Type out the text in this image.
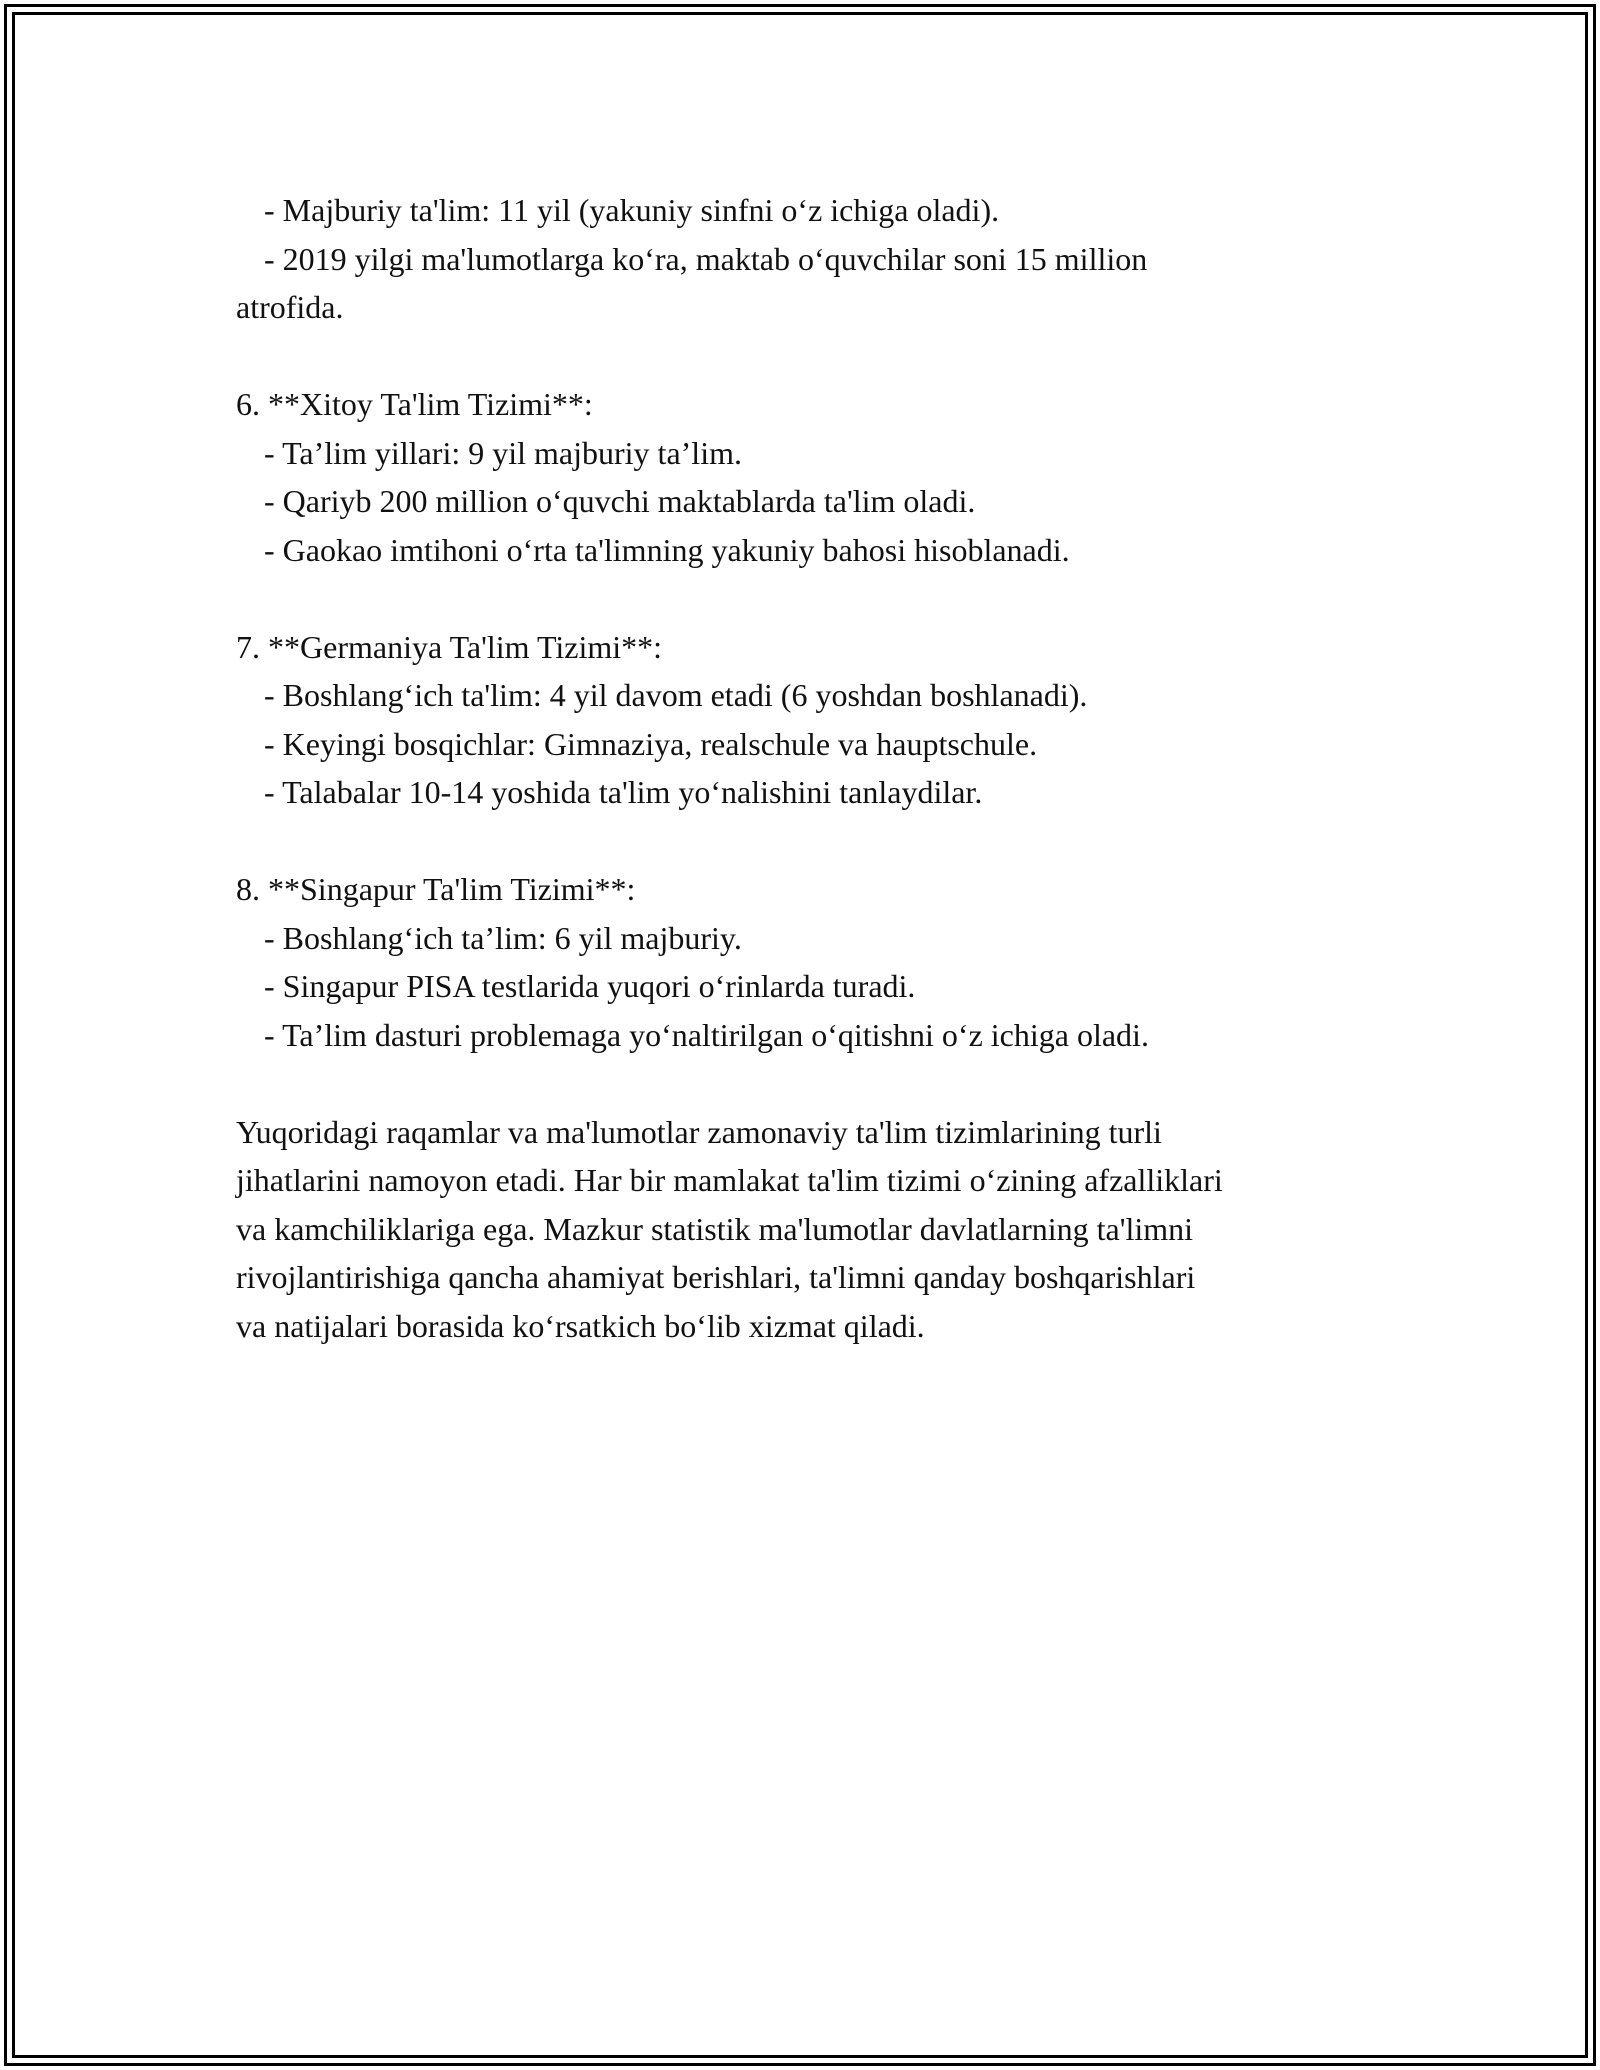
- Majburiy ta'lim: 11 yil (yakuniy sinfni o‘z ichiga oladi).
- 2019 yilgi ma'lumotlarga ko‘ra, maktab o‘quvchilar soni 15 million
atrofida.
6. **Xitoy Ta'lim Tizimi**:
- Ta’lim yillari: 9 yil majburiy ta’lim.
- Qariyb 200 million o‘quvchi maktablarda ta'lim oladi.
- Gaokao imtihoni o‘rta ta'limning yakuniy bahosi hisoblanadi.
7. **Germaniya Ta'lim Tizimi**:
- Boshlang‘ich ta'lim: 4 yil davom etadi (6 yoshdan boshlanadi).
- Keyingi bosqichlar: Gimnaziya, realschule va hauptschule.
- Talabalar 10-14 yoshida ta'lim yo‘nalishini tanlaydilar.
8. **Singapur Ta'lim Tizimi**:
- Boshlang‘ich ta’lim: 6 yil majburiy.
- Singapur PISA testlarida yuqori o‘rinlarda turadi.
- Ta’lim dasturi problemaga yo‘naltirilgan o‘qitishni o‘z ichiga oladi.
Yuqoridagi raqamlar va ma'lumotlar zamonaviy ta'lim tizimlarining turli
jihatlarini namoyon etadi. Har bir mamlakat ta'lim tizimi o‘zining afzalliklari
va kamchiliklariga ega. Mazkur statistik ma'lumotlar davlatlarning ta'limni
rivojlantirishiga qancha ahamiyat berishlari, ta'limni qanday boshqarishlari
va natijalari borasida ko‘rsatkich bo‘lib xizmat qiladi.
